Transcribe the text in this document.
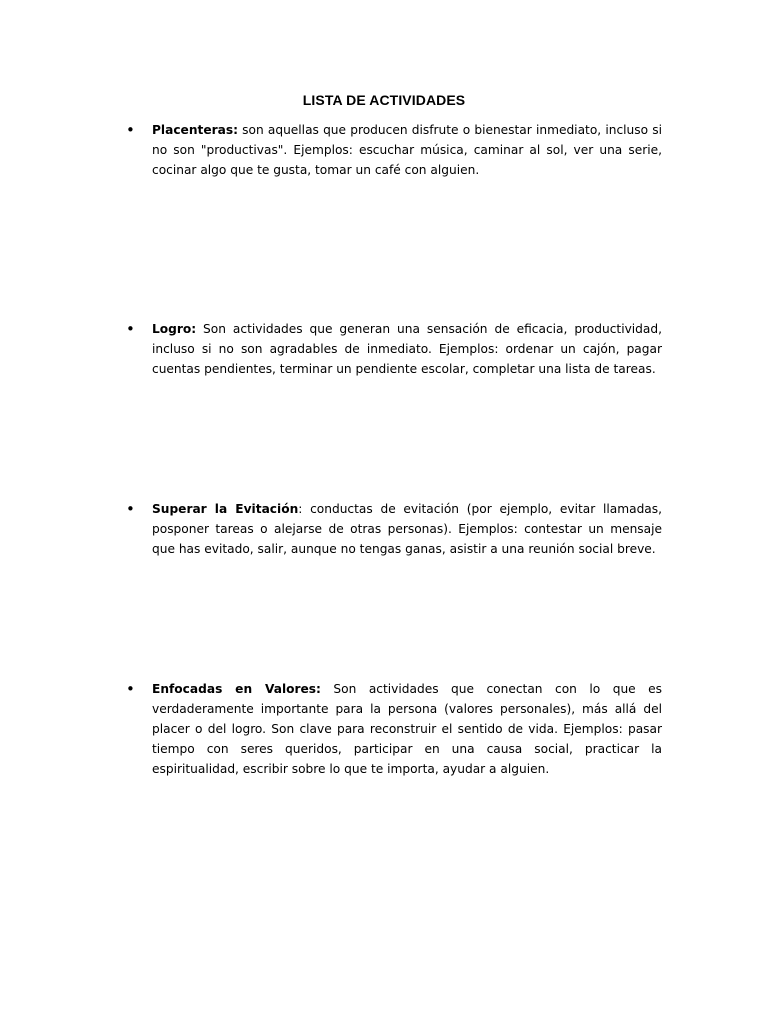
LISTA DE ACTIVIDADES
• Placenteras: son aquellas que producen disfrute o bienestar inmediato, incluso si no son "productivas". Ejemplos: escuchar música, caminar al sol, ver una serie, cocinar algo que te gusta, tomar un café con alguien.
• Logro: Son actividades que generan una sensación de eficacia, productividad, incluso si no son agradables de inmediato. Ejemplos: ordenar un cajón, pagar cuentas pendientes, terminar un pendiente escolar, completar una lista de tareas.
• Superar la Evitación: conductas de evitación (por ejemplo, evitar llamadas, posponer tareas o alejarse de otras personas). Ejemplos: contestar un mensaje que has evitado, salir, aunque no tengas ganas, asistir a una reunión social breve.
• Enfocadas en Valores: Son actividades que conectan con lo que es verdaderamente importante para la persona (valores personales), más allá del placer o del logro. Son clave para reconstruir el sentido de vida. Ejemplos: pasar tiempo con seres queridos, participar en una causa social, practicar la espiritualidad, escribir sobre lo que te importa, ayudar a alguien.
